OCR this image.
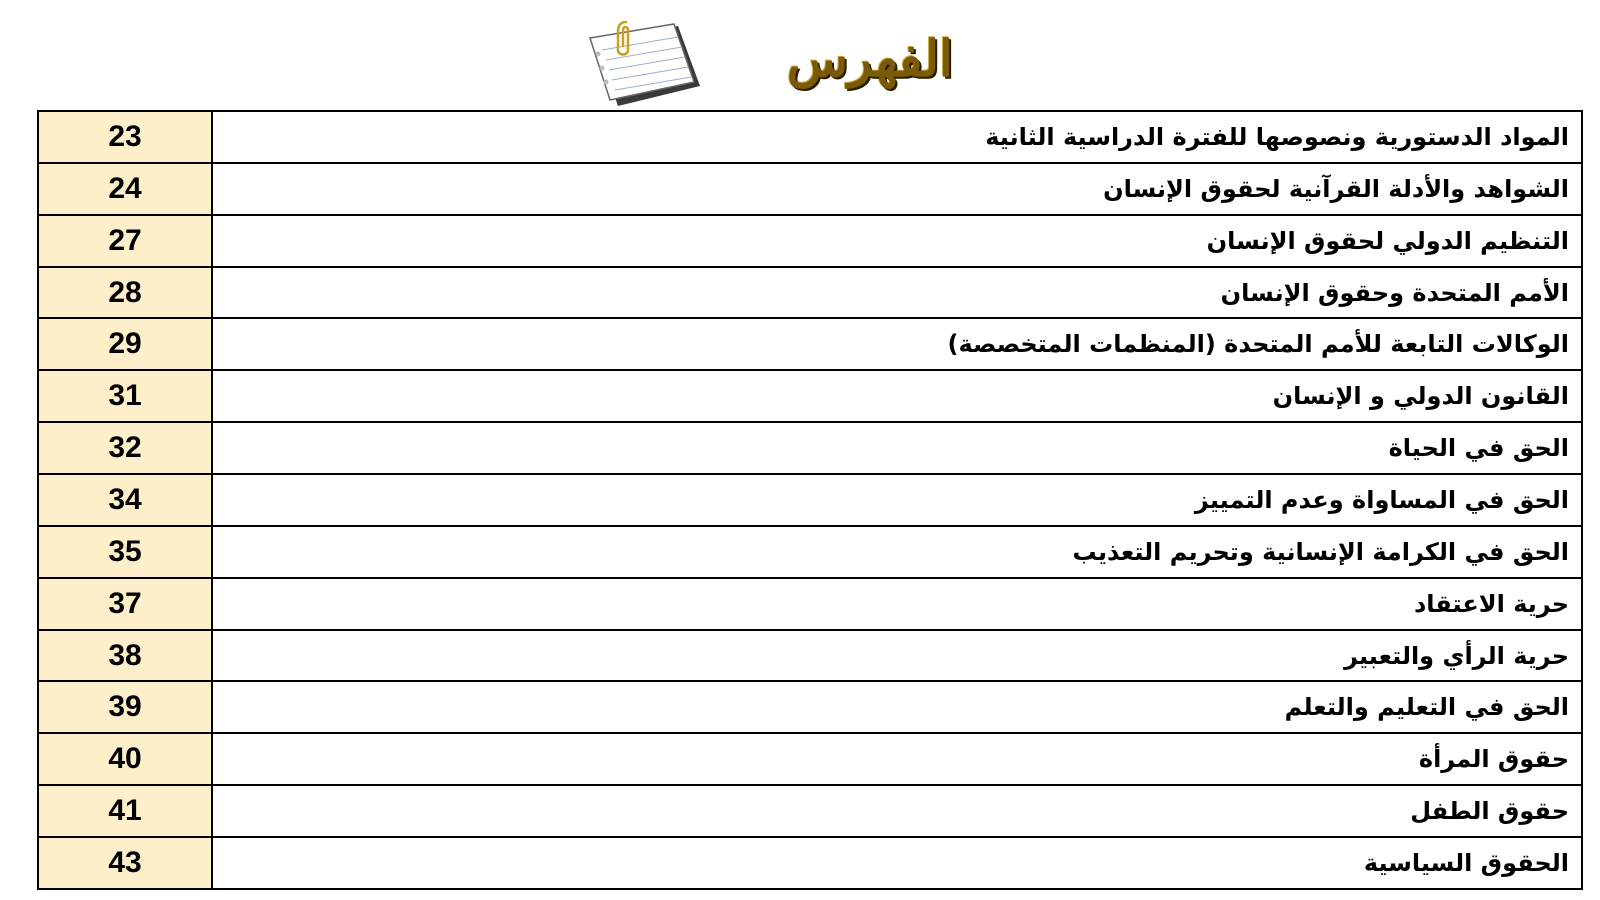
الفهرس
23	المواد الدستورية ونصوصها للفترة الدراسية الثانية
24	الشواهد والأدلة القرآنية لحقوق الإنسان
27	التنظيم الدولي لحقوق الإنسان
28	الأمم المتحدة وحقوق الإنسان
29	الوكالات التابعة للأمم المتحدة (المنظمات المتخصصة)
31	القانون الدولي و الإنسان
32	الحق في الحياة
34	الحق في المساواة وعدم التمييز
35	الحق في الكرامة الإنسانية وتحريم التعذيب
37	حرية الاعتقاد
38	حرية الرأي والتعبير
39	الحق في التعليم والتعلم
40	حقوق المرأة
41	حقوق الطفل
43	الحقوق السياسية
